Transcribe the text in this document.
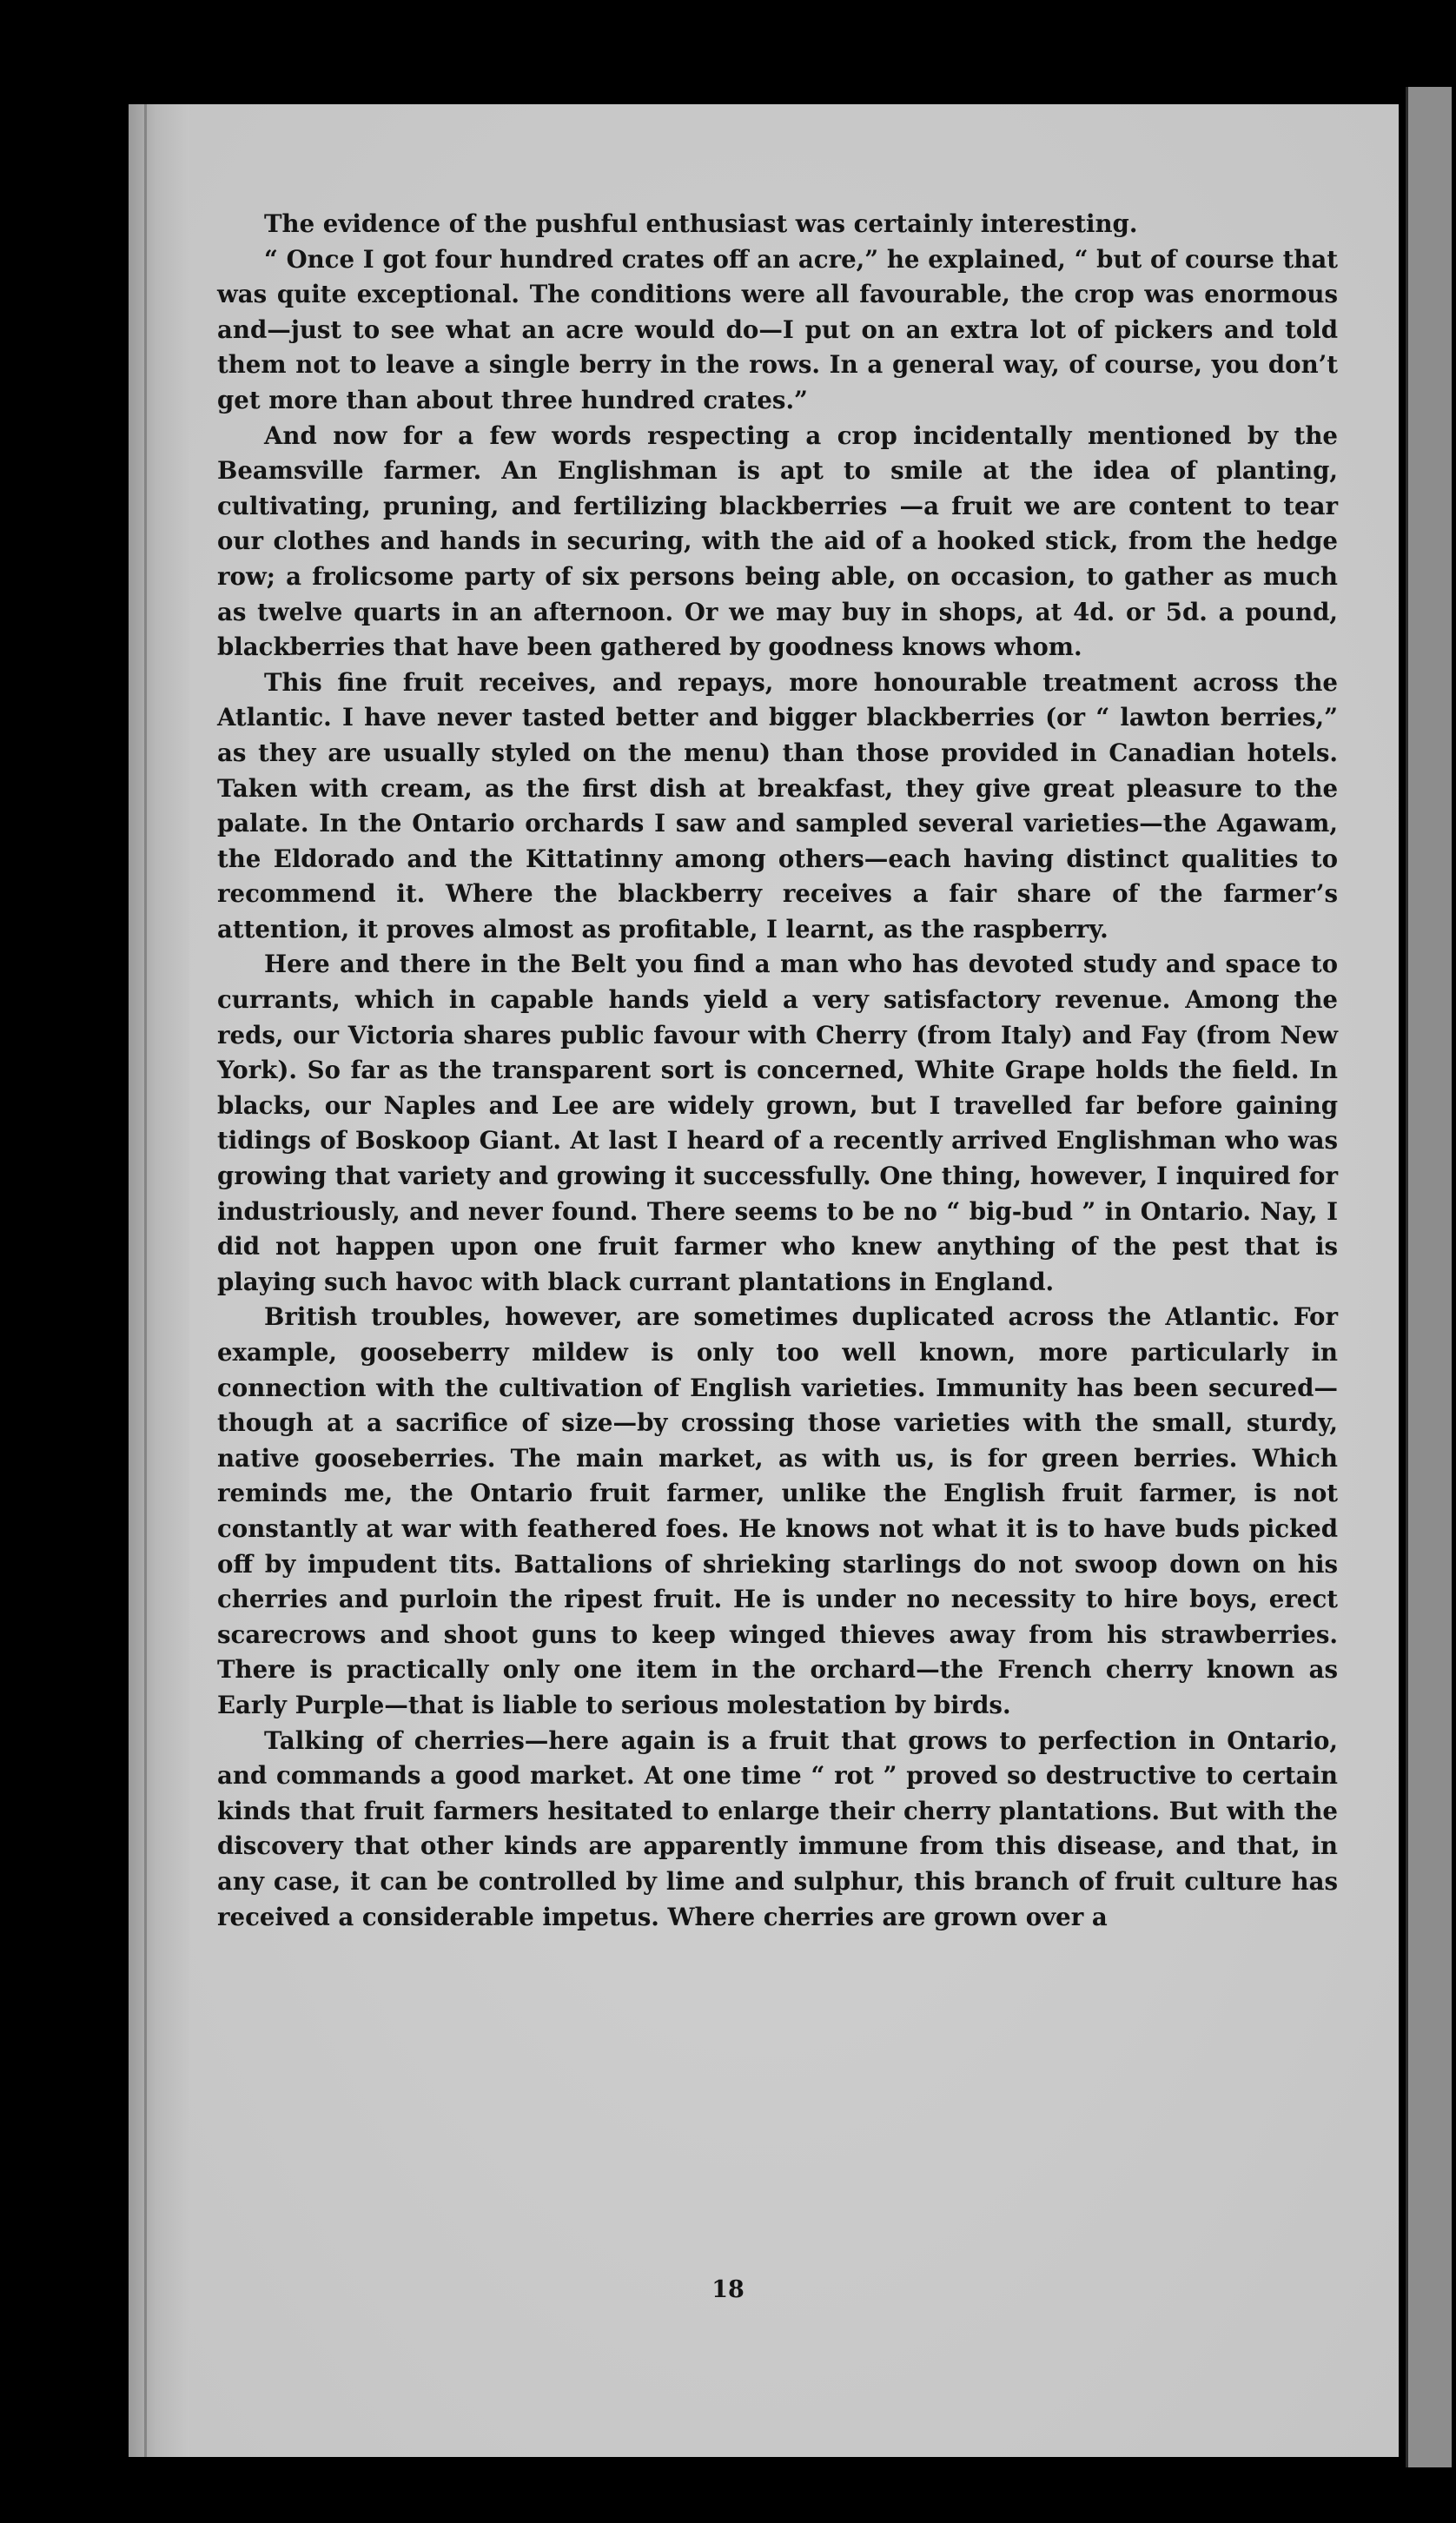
The evidence of the pushful enthusiast was certainly interesting.

“ Once I got four hundred crates off an acre,” he explained, “ but of course that was quite exceptional. The conditions were all favourable, the crop was enormous and—just to see what an acre would do—I put on an extra lot of pickers and told them not to leave a single berry in the rows. In a general way, of course, you don’t get more than about three hundred crates.”

And now for a few words respecting a crop incidentally mentioned by the Beamsville farmer. An Englishman is apt to smile at the idea of planting, cultivating, pruning, and fertilizing blackberries —a fruit we are content to tear our clothes and hands in securing, with the aid of a hooked stick, from the hedge row; a frolicsome party of six persons being able, on occasion, to gather as much as twelve quarts in an afternoon. Or we may buy in shops, at 4d. or 5d. a pound, blackberries that have been gathered by goodness knows whom.

This fine fruit receives, and repays, more honourable treatment across the Atlantic. I have never tasted better and bigger blackberries (or “ lawton berries,” as they are usually styled on the menu) than those provided in Canadian hotels. Taken with cream, as the first dish at breakfast, they give great pleasure to the palate. In the Ontario orchards I saw and sampled several varieties—the Agawam, the Eldorado and the Kittatinny among others—each having distinct qualities to recommend it. Where the blackberry receives a fair share of the farmer’s attention, it proves almost as profitable, I learnt, as the raspberry.

Here and there in the Belt you find a man who has devoted study and space to currants, which in capable hands yield a very satisfactory revenue. Among the reds, our Victoria shares public favour with Cherry (from Italy) and Fay (from New York). So far as the transparent sort is concerned, White Grape holds the field. In blacks, our Naples and Lee are widely grown, but I travelled far before gaining tidings of Boskoop Giant. At last I heard of a recently arrived Englishman who was growing that variety and growing it successfully. One thing, however, I inquired for industriously, and never found. There seems to be no “ big-bud ” in Ontario. Nay, I did not happen upon one fruit farmer who knew anything of the pest that is playing such havoc with black currant plantations in England.

British troubles, however, are sometimes duplicated across the Atlantic. For example, gooseberry mildew is only too well known, more particularly in connection with the cultivation of English varieties. Immunity has been secured—though at a sacrifice of size—by crossing those varieties with the small, sturdy, native gooseberries. The main market, as with us, is for green berries. Which reminds me, the Ontario fruit farmer, unlike the English fruit farmer, is not constantly at war with feathered foes. He knows not what it is to have buds picked off by impudent tits. Battalions of shrieking starlings do not swoop down on his cherries and purloin the ripest fruit. He is under no necessity to hire boys, erect scarecrows and shoot guns to keep winged thieves away from his strawberries. There is practically only one item in the orchard—the French cherry known as Early Purple—that is liable to serious molestation by birds.

Talking of cherries—here again is a fruit that grows to perfection in Ontario, and commands a good market. At one time “ rot ” proved so destructive to certain kinds that fruit farmers hesitated to enlarge their cherry plantations. But with the discovery that other kinds are apparently immune from this disease, and that, in any case, it can be controlled by lime and sulphur, this branch of fruit culture has received a considerable impetus. Where cherries are grown over a

18
